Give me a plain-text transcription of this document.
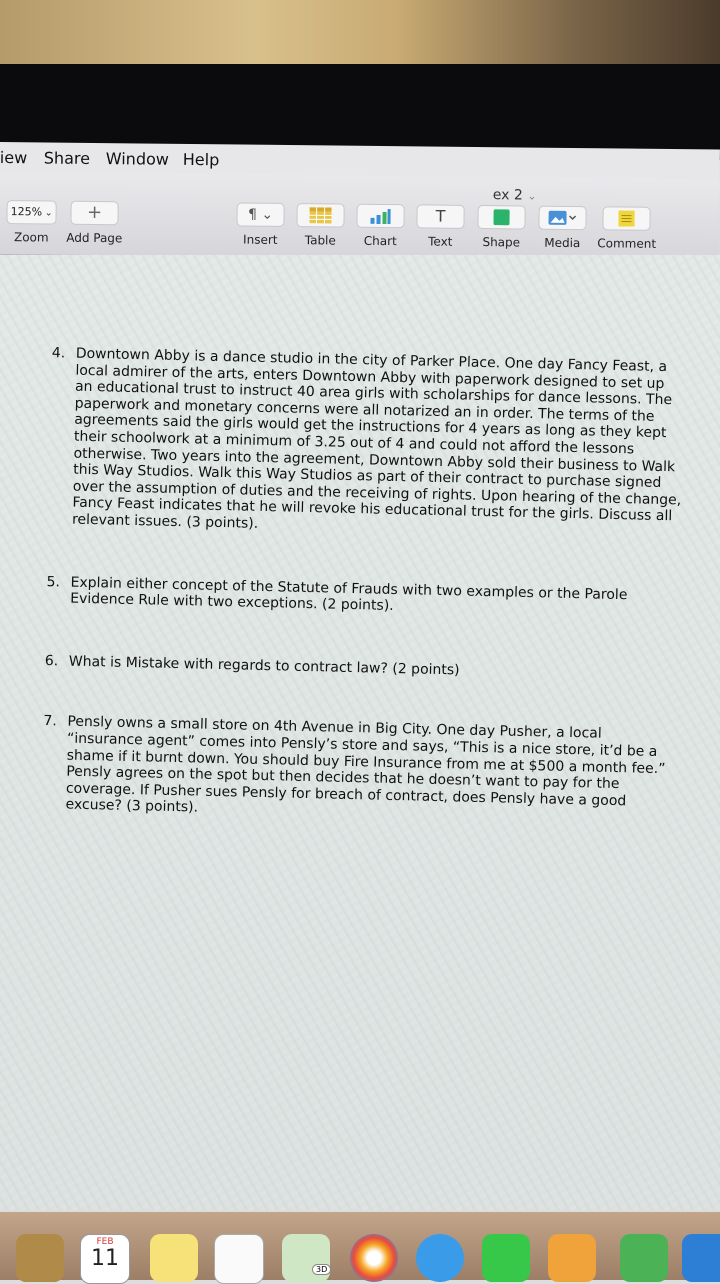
iew Share Window Help
ex 2 ⌄
125% ⌄
Zoom
+
Add Page
¶ ⌄
Insert	Table	Chart
T
Text	Shape	Media	Comment
4. Downtown Abby is a dance studio in the city of Parker Place. One day Fancy Feast, a local admirer of the arts, enters Downtown Abby with paperwork designed to set up an educational trust to instruct 40 area girls with scholarships for dance lessons. The paperwork and monetary concerns were all notarized an in order. The terms of the agreements said the girls would get the instructions for 4 years as long as they kept their schoolwork at a minimum of 3.25 out of 4 and could not afford the lessons otherwise. Two years into the agreement, Downtown Abby sold their business to Walk this Way Studios. Walk this Way Studios as part of their contract to purchase signed over the assumption of duties and the receiving of rights. Upon hearing of the change, Fancy Feast indicates that he will revoke his educational trust for the girls. Discuss all relevant issues. (3 points).
5. Explain either concept of the Statute of Frauds with two examples or the Parole Evidence Rule with two exceptions. (2 points).
6. What is Mistake with regards to contract law? (2 points)
7. Pensly owns a small store on 4th Avenue in Big City. One day Pusher, a local “insurance agent” comes into Pensly’s store and says, “This is a nice store, it’d be a shame if it burnt down. You should buy Fire Insurance from me at $500 a month fee.” Pensly agrees on the spot but then decides that he doesn’t want to pay for the coverage. If Pusher sues Pensly for breach of contract, does Pensly have a good excuse? (3 points).
FEB
11	3D
